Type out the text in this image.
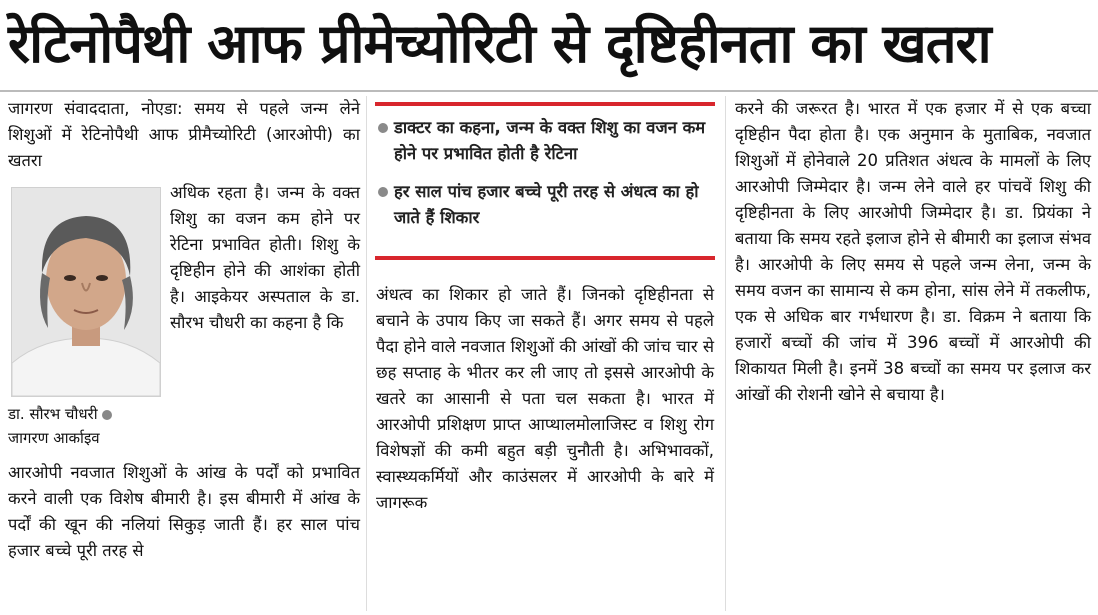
रेटिनोपैथी आफ प्रीमेच्योरिटी से दृष्टिहीनता का खतरा

जागरण संवाददाता, नोएडा: समय से पहले जन्म लेने शिशुओं में रेटिनोपैथी आफ प्रीमैच्योरिटी (आरओपी) का खतरा

अधिक रहता है। जन्म के वक्त शिशु का वजन कम होने पर रेटिना प्रभावित होती। शिशु के दृष्टिहीन होने की आशंका होती है। आइकेयर अस्पताल के डा. सौरभ चौधरी का कहना है कि

आरओपी नवजात शिशुओं के आंख के पर्दों को प्रभावित करने वाली एक विशेष बीमारी है। इस बीमारी में आंख के पर्दों की खून की नलियां सिकुड़ जाती हैं। हर साल पांच हजार बच्चे पूरी तरह से

डा. सौरभ चौधरी
जागरण आर्काइव
डाक्टर का कहना, जन्म के वक्त शिशु का वजन कम होने पर प्रभावित होती है रेटिना
हर साल पांच हजार बच्चे पूरी तरह से अंधत्व का हो जाते हैं शिकार

अंधत्व का शिकार हो जाते हैं। जिनको दृष्टिहीनता से बचाने के उपाय किए जा सकते हैं। अगर समय से पहले पैदा होने वाले नवजात शिशुओं की आंखों की जांच चार से छह सप्ताह के भीतर कर ली जाए तो इससे आरओपी के खतरे का आसानी से पता चल सकता है। भारत में आरओपी प्रशिक्षण प्राप्त आप्थालमोलाजिस्ट व शिशु रोग विशेषज्ञों की कमी बहुत बड़ी चुनौती है। अभिभावकों, स्वास्थ्यकर्मियों और काउंसलर में आरओपी के बारे में जागरूक

करने की जरूरत है। भारत में एक हजार में से एक बच्चा दृष्टिहीन पैदा होता है। एक अनुमान के मुताबिक, नवजात शिशुओं में होनेवाले 20 प्रतिशत अंधत्व के मामलों के लिए आरओपी जिम्मेदार है। जन्म लेने वाले हर पांचवें शिशु की दृष्टिहीनता के लिए आरओपी जिम्मेदार है। डा. प्रियंका ने बताया कि समय रहते इलाज होने से बीमारी का इलाज संभव है। आरओपी के लिए समय से पहले जन्म लेना, जन्म के समय वजन का सामान्य से कम होना, सांस लेने में तकलीफ, एक से अधिक बार गर्भधारण है। डा. विक्रम ने बताया कि हजारों बच्चों की जांच में 396 बच्चों में आरओपी की शिकायत मिली है। इनमें 38 बच्चों का समय पर इलाज कर आंखों की रोशनी खोने से बचाया है।
